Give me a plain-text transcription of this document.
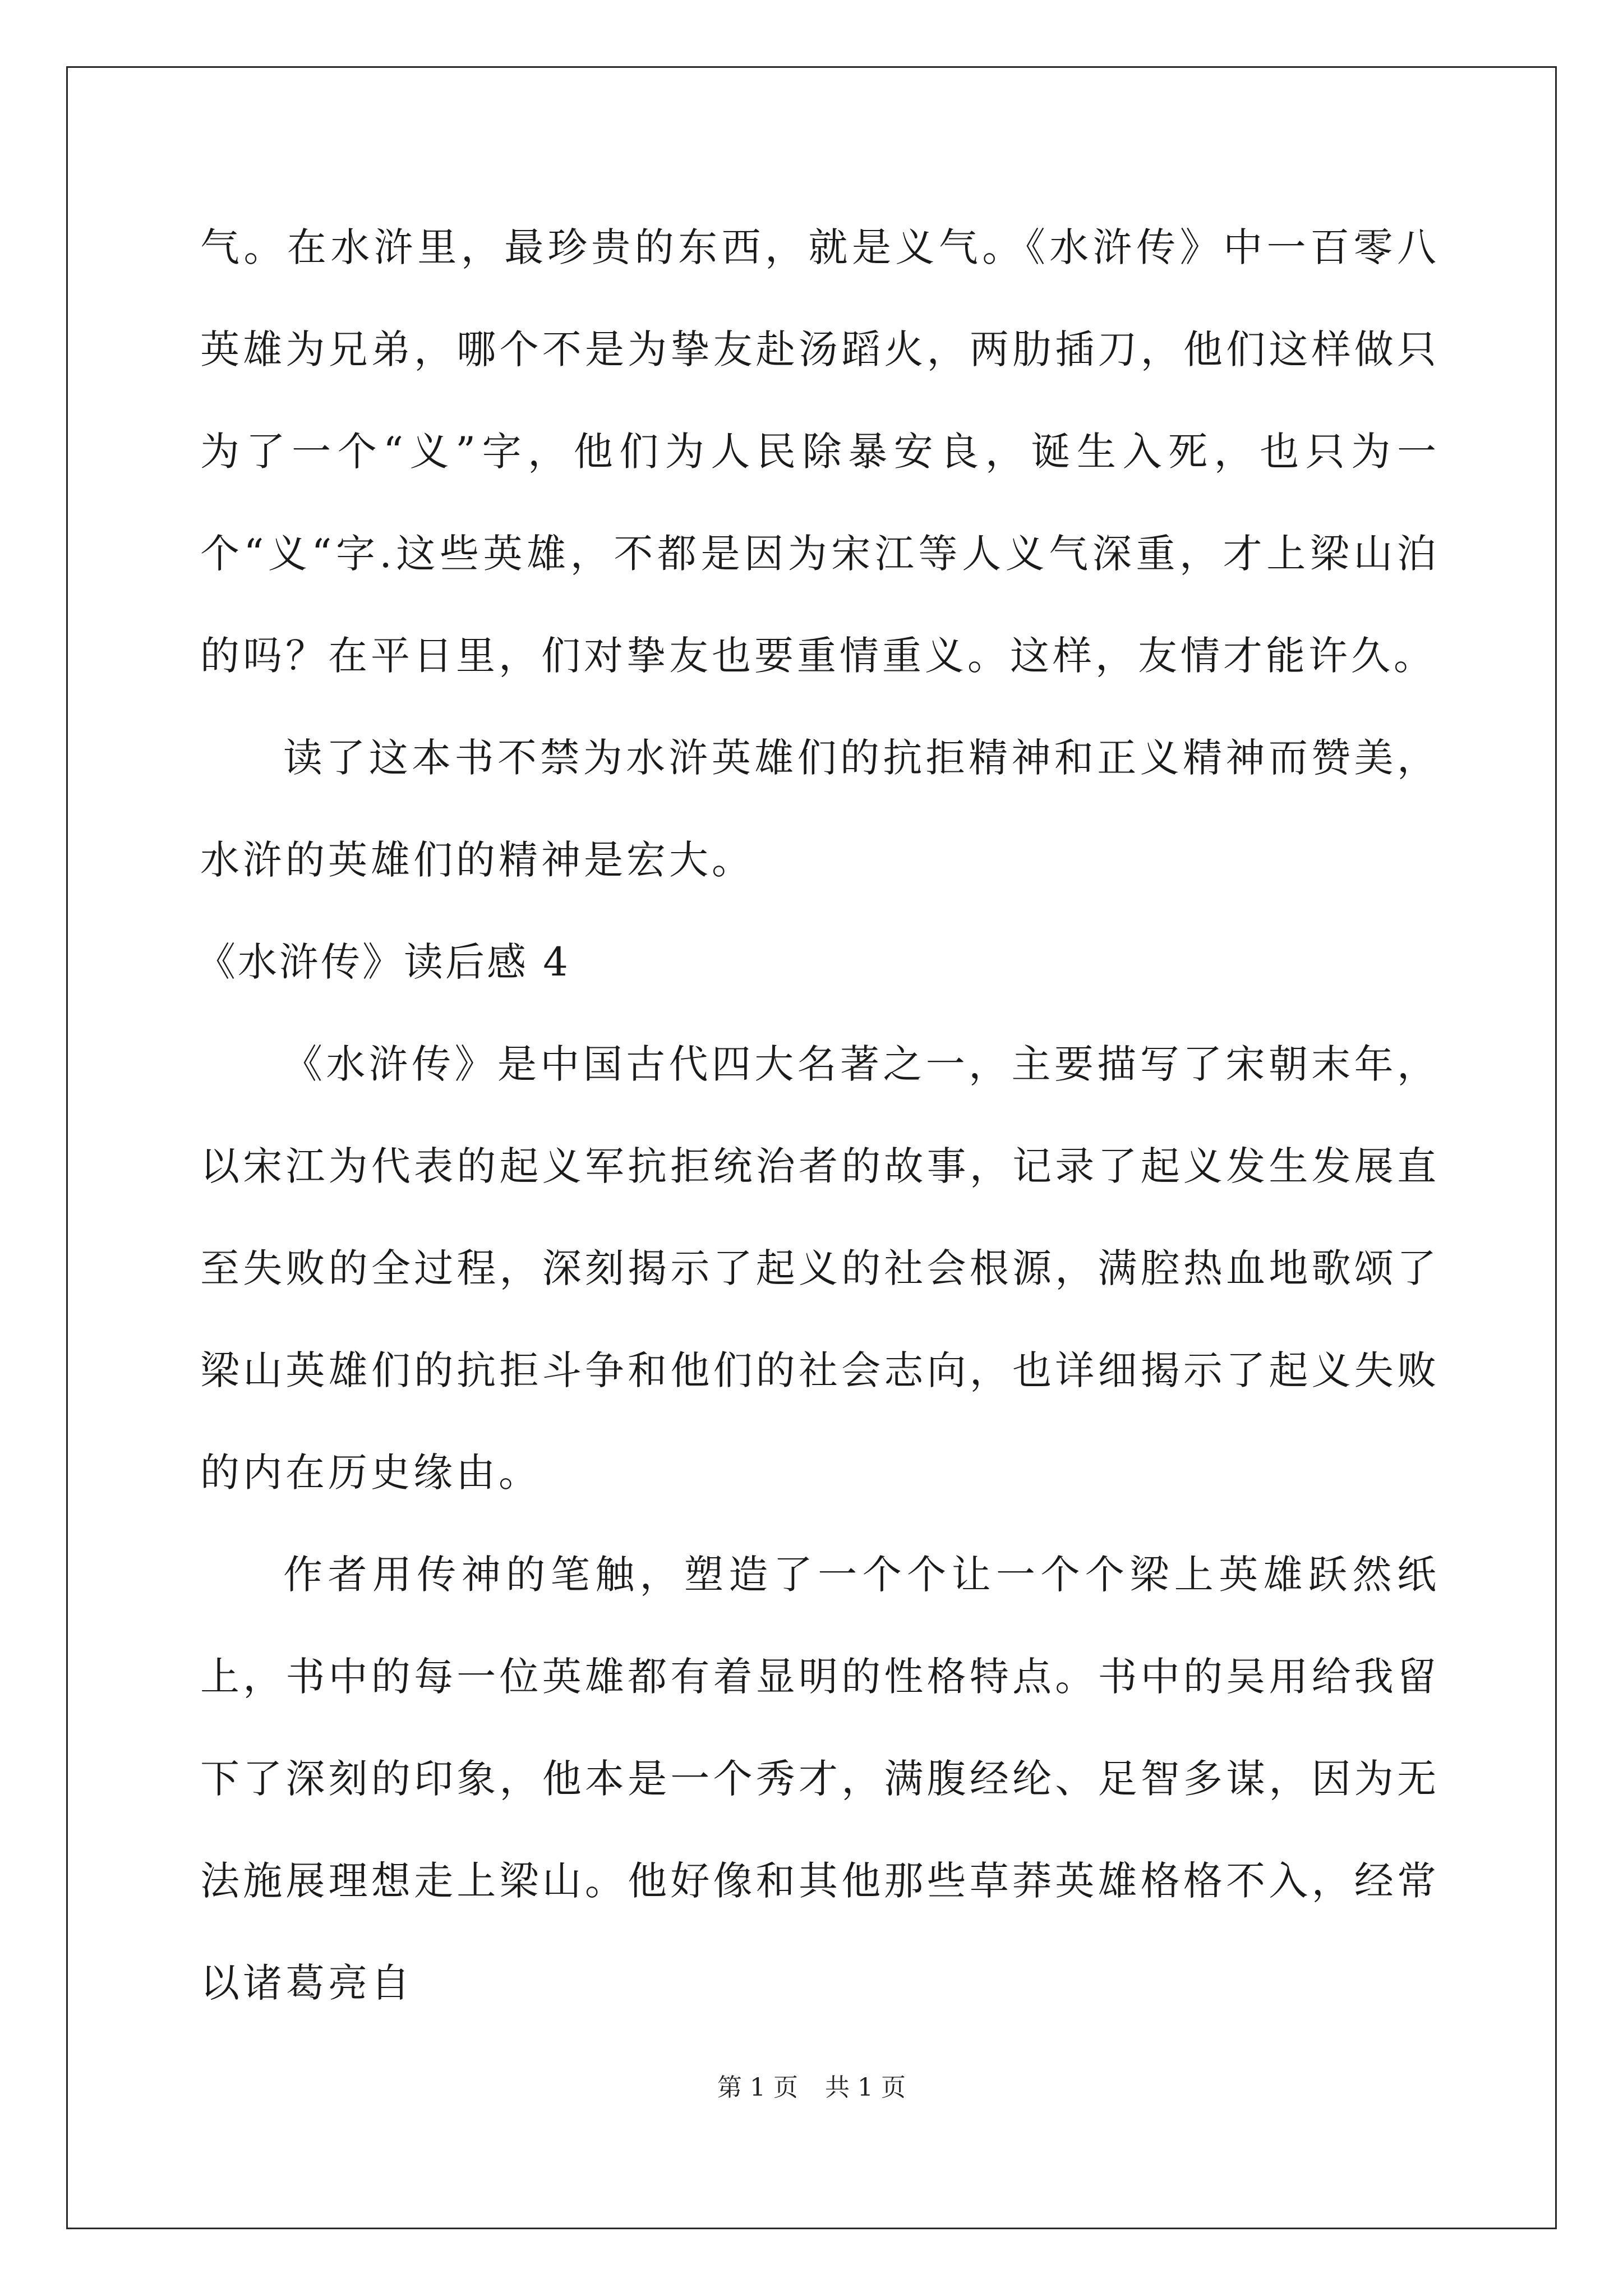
气。在水浒里，最珍贵的东西，就是义气。《水浒传》中一百零八英雄为兄弟，哪个不是为挚友赴汤蹈火，两肋插刀，他们这样做只为了一个“义”字，他们为人民除暴安良，诞生入死，也只为一个“义“字.这些英雄，不都是因为宋江等人义气深重，才上梁山泊的吗？在平日里，们对挚友也要重情重义。这样，友情才能许久。

读了这本书不禁为水浒英雄们的抗拒精神和正义精神而赞美，水浒的英雄们的精神是宏大。

《水浒传》读后感 4

《水浒传》是中国古代四大名著之一，主要描写了宋朝末年，以宋江为代表的起义军抗拒统治者的故事，记录了起义发生发展直至失败的全过程，深刻揭示了起义的社会根源，满腔热血地歌颂了梁山英雄们的抗拒斗争和他们的社会志向，也详细揭示了起义失败的内在历史缘由。

作者用传神的笔触，塑造了一个个让一个个梁上英雄跃然纸上，书中的每一位英雄都有着显明的性格特点。书中的吴用给我留下了深刻的印象，他本是一个秀才，满腹经纶、足智多谋，因为无法施展理想走上梁山。他好像和其他那些草莽英雄格格不入，经常以诸葛亮自

第 1 页 共 1 页
